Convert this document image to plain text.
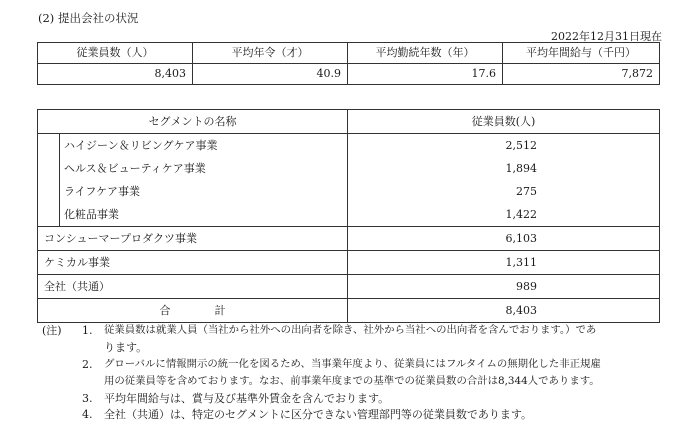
(2) 提出会社の状況
2022年12月31日現在
従業員数（人）	平均年令（才）	平均勤続年数（年）	平均年間給与（千円）
8,403	40.9	17.6	7,872
セグメントの名称		従業員数(人)
	ハイジーン＆リビングケア事業	2,512
	ヘルス＆ビューティケア事業	1,894
	ライフケア事業	275
	化粧品事業	1,422
コンシューマープロダクツ事業		6,103
ケミカル事業		1,311
全社（共通）		989
合　　　　計		8,403
(注) 1. 従業員数は就業人員（当社から社外への出向者を除き、社外から当社への出向者を含んでおります。）であ
ります。
2. グローバルに情報開示の統一化を図るため、当事業年度より、従業員にはフルタイムの無期化した非正規雇
用の従業員等を含めております。なお、前事業年度までの基準での従業員数の合計は8,344人であります。
3. 平均年間給与は、賞与及び基準外賃金を含んでおります。
4. 全社（共通）は、特定のセグメントに区分できない管理部門等の従業員数であります。
